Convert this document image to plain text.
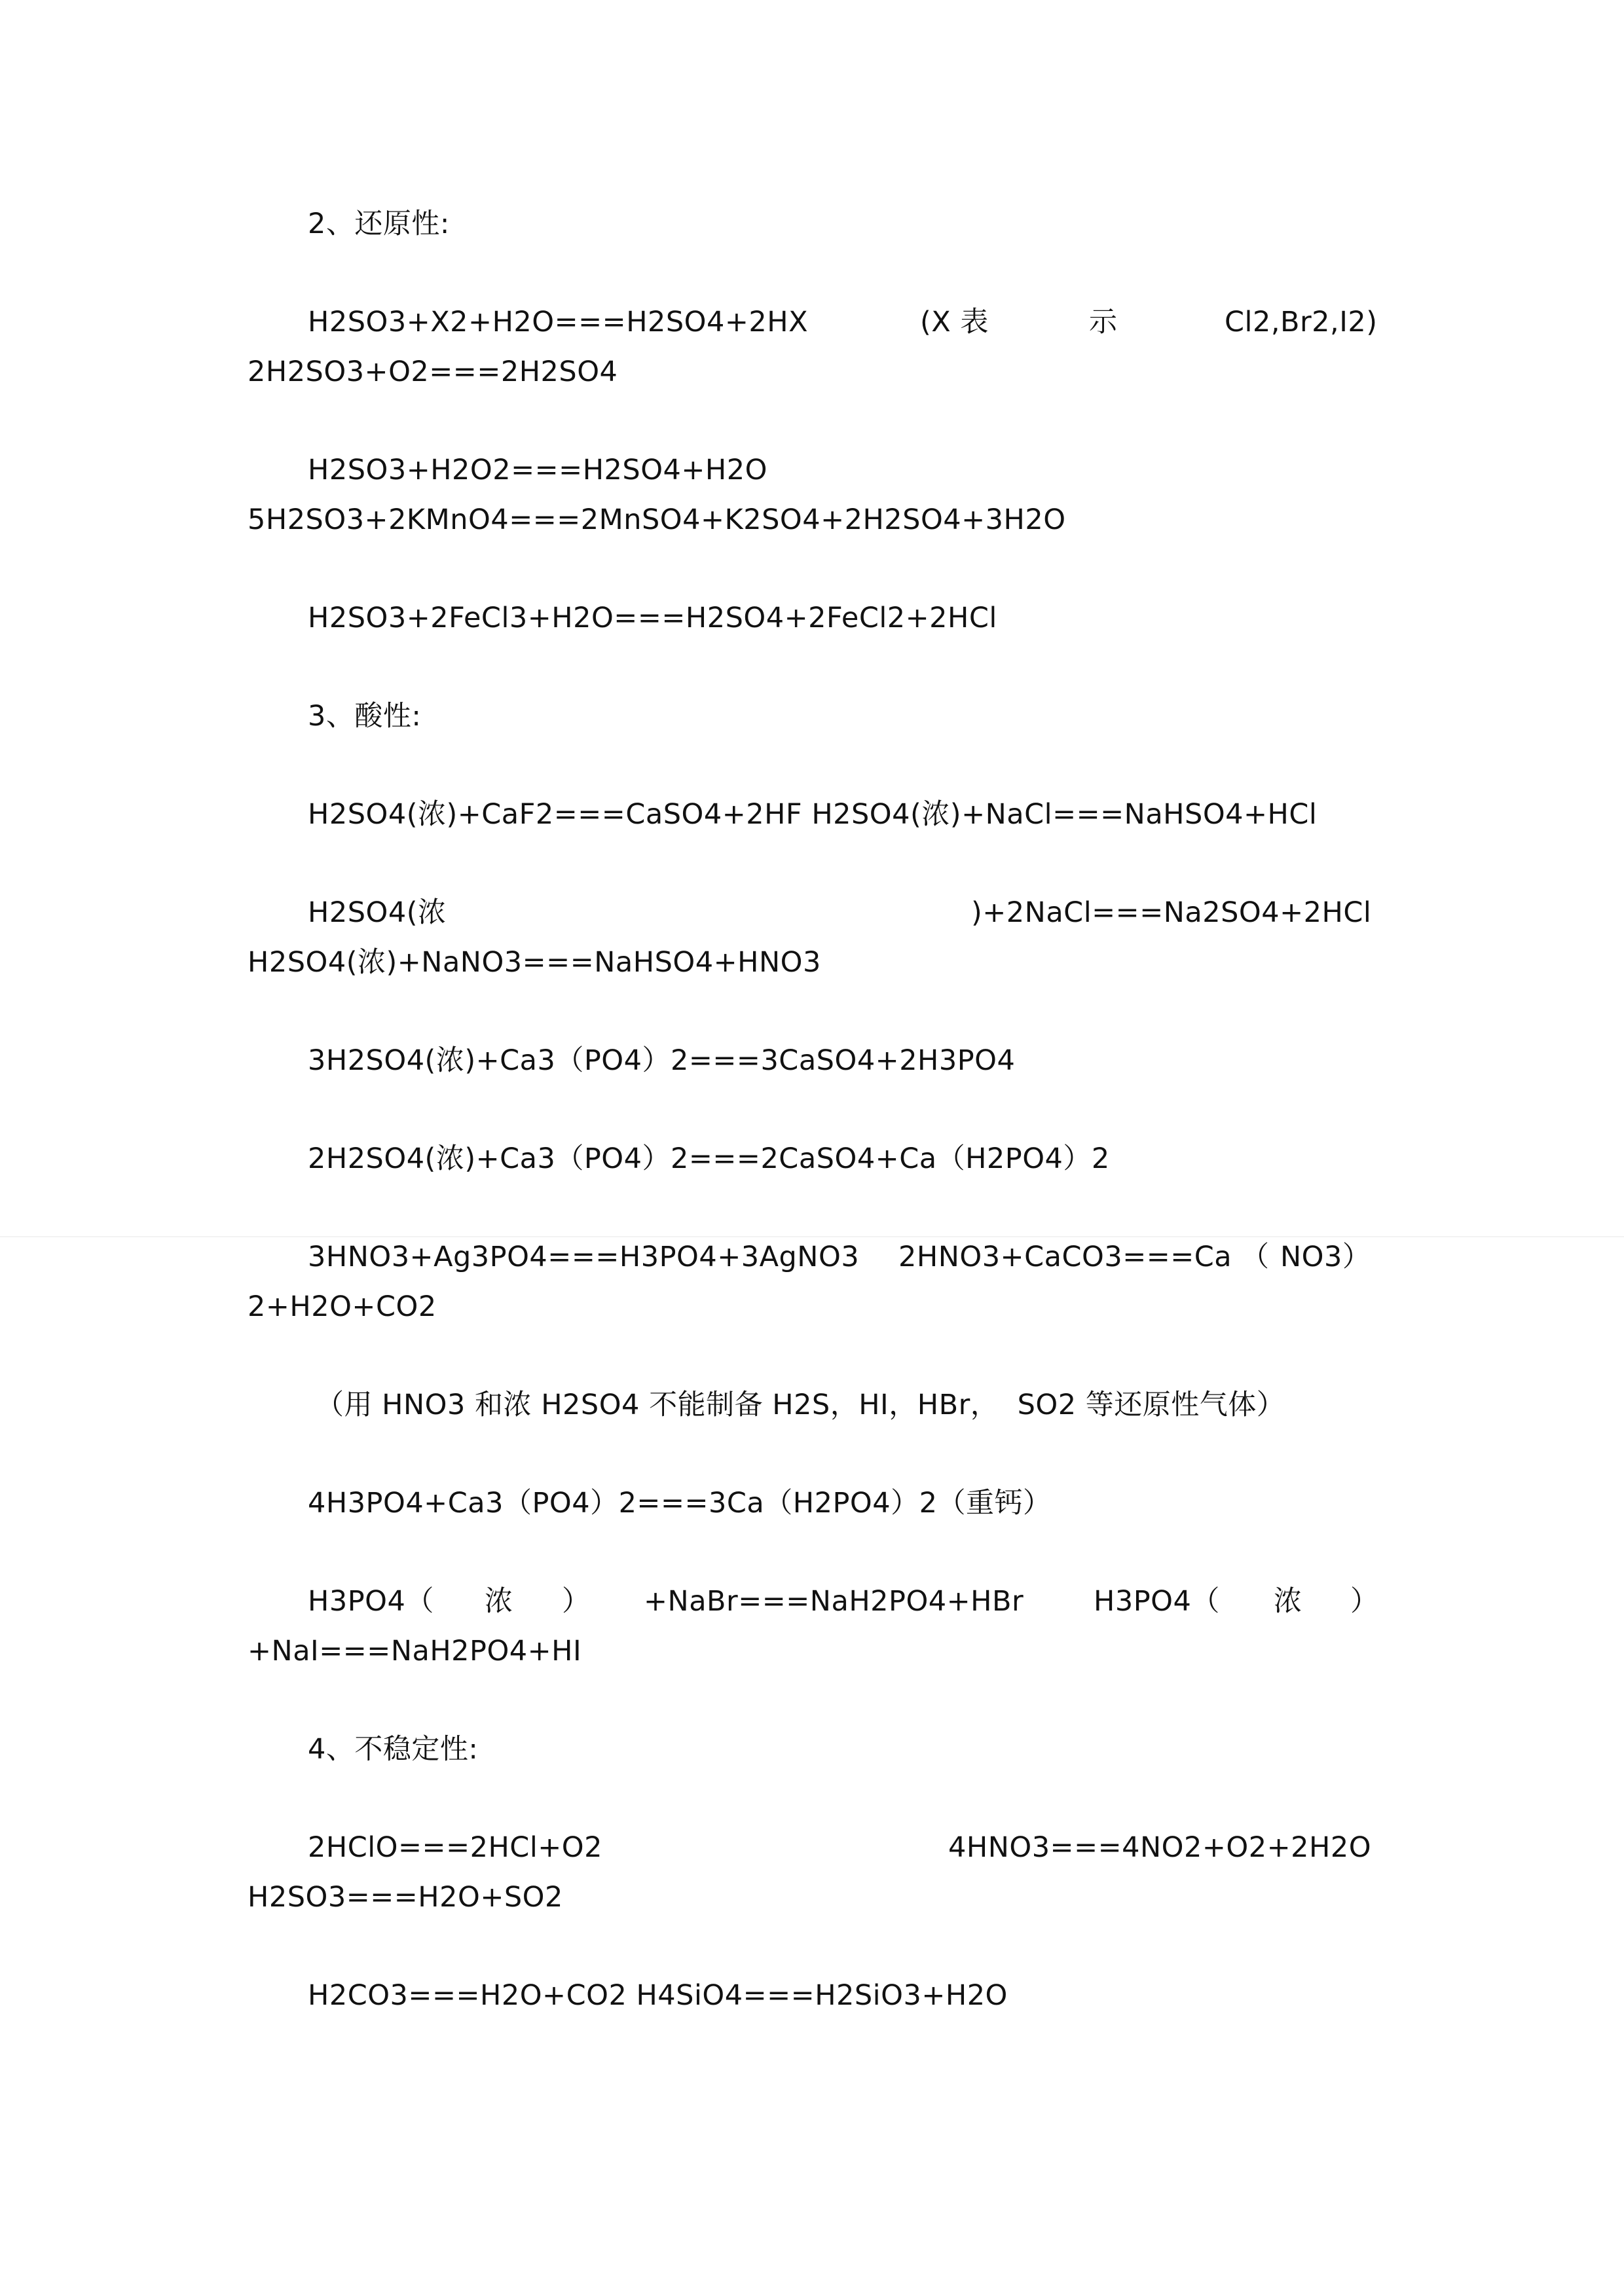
2、还原性:
H2SO3+X2+H2O===H2SO4+2HX	(X 表	示	Cl2,Br2,I2)
2H2SO3+O2===2H2SO4
H2SO3+H2O2===H2SO4+H2O
5H2SO3+2KMnO4===2MnSO4+K2SO4+2H2SO4+3H2O
H2SO3+2FeCl3+H2O===H2SO4+2FeCl2+2HCl
3、酸性:
H2SO4(浓)+CaF2===CaSO4+2HF H2SO4(浓)+NaCl===NaHSO4+HCl
H2SO4(浓	)+2NaCl===Na2SO4+2HCl
H2SO4(浓)+NaNO3===NaHSO4+HNO3
3H2SO4(浓)+Ca3（PO4）2===3CaSO4+2H3PO4
2H2SO4(浓)+Ca3（PO4）2===2CaSO4+Ca（H2PO4）2
3HNO3+Ag3PO4===H3PO4+3AgNO3 2HNO3+CaCO3===Ca （ NO3）
2+H2O+CO2
（用 HNO3 和浓 H2SO4 不能制备 H2S，HI，HBr，  SO2 等还原性气体）
4H3PO4+Ca3（PO4）2===3Ca（H2PO4）2（重钙）
H3PO4（ 浓 ） +NaBr===NaH2PO4+HBr H3PO4（ 浓 ）
+NaI===NaH2PO4+HI
4、不稳定性:
2HClO===2HCl+O2	4HNO3===4NO2+O2+2H2O
H2SO3===H2O+SO2
H2CO3===H2O+CO2 H4SiO4===H2SiO3+H2O
